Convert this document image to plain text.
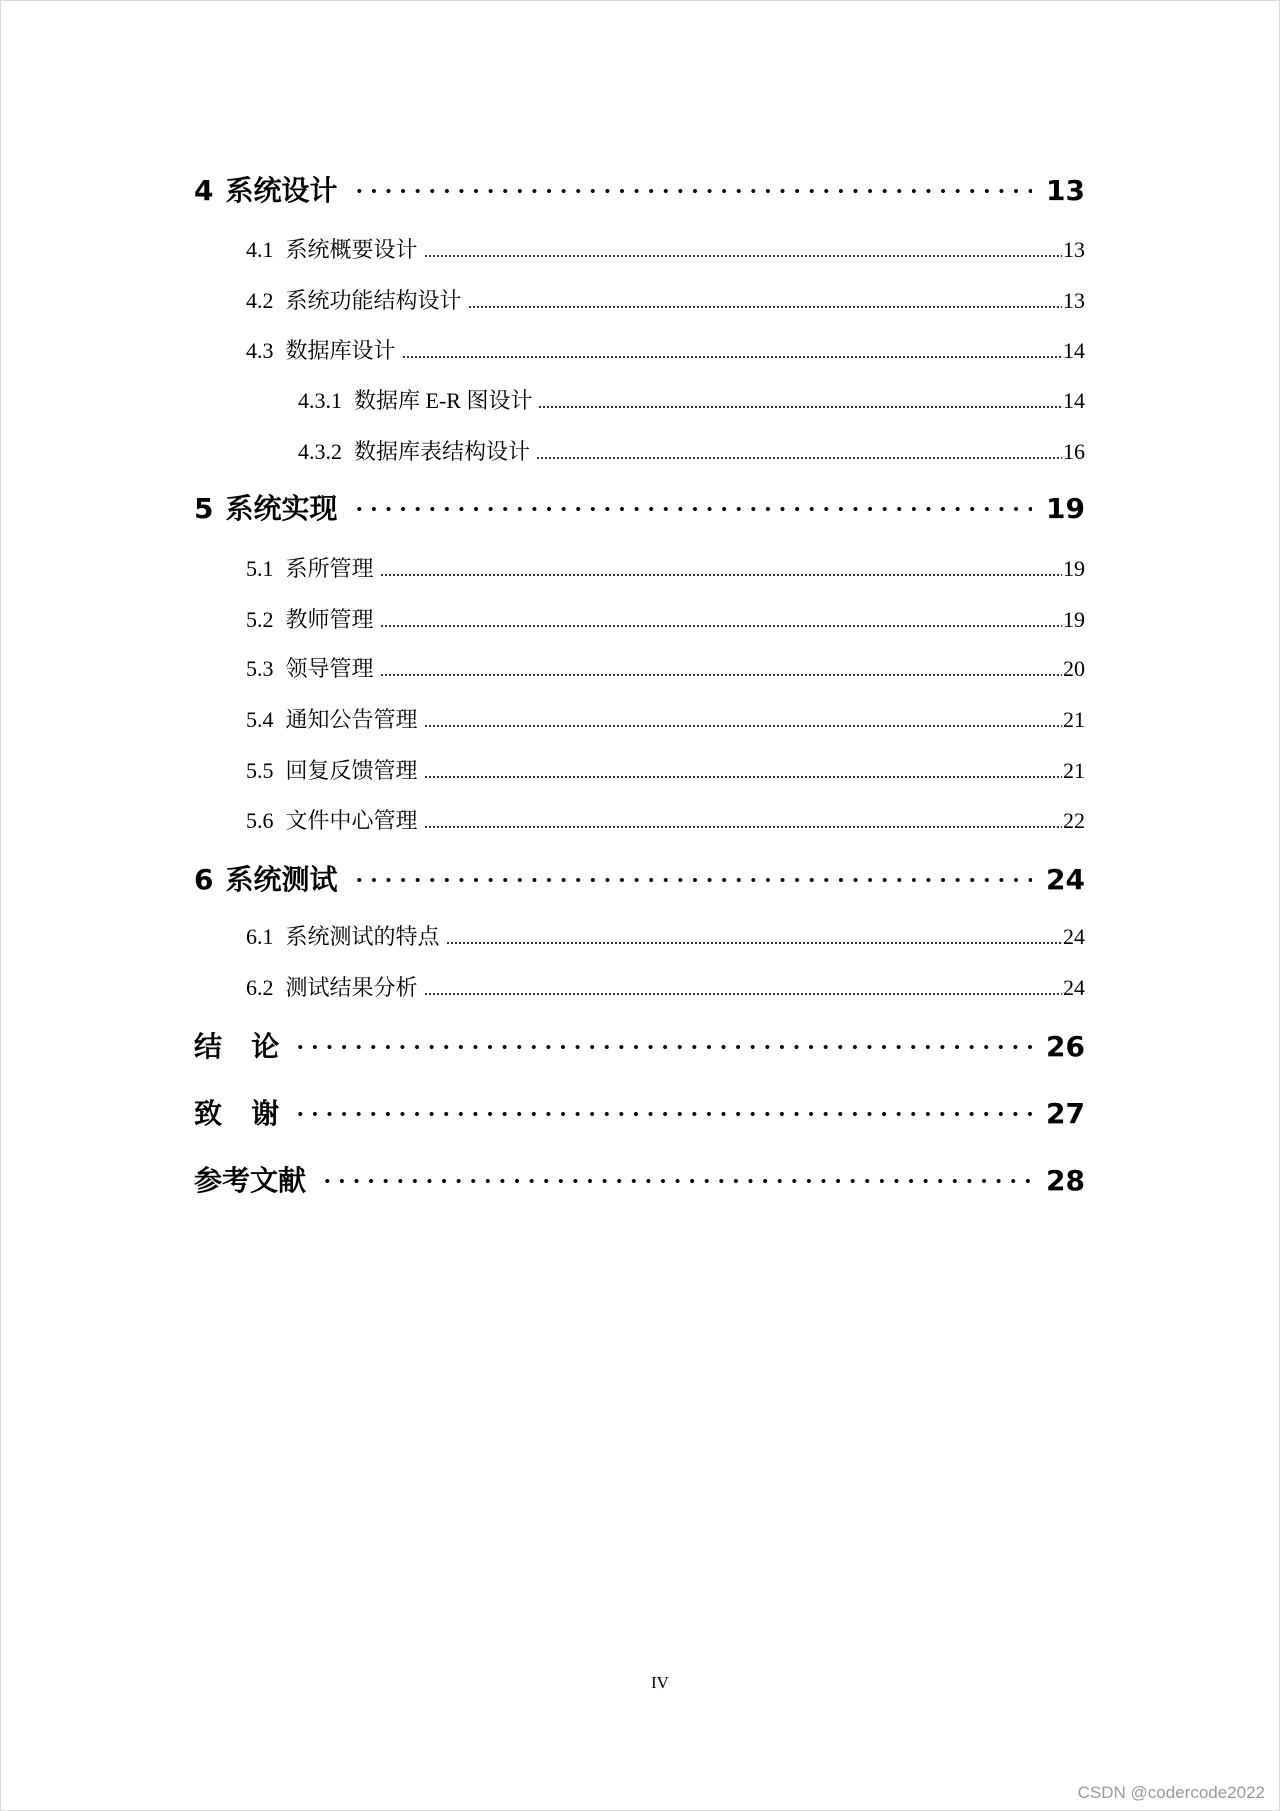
4 系统设计	13
4.1 系统概要设计	13
4.2 系统功能结构设计	13
4.3 数据库设计	14
4.3.1 数据库 E-R 图设计	14
4.3.2 数据库表结构设计	16
5 系统实现	19
5.1 系所管理	19
5.2 教师管理	19
5.3 领导管理	20
5.4 通知公告管理	21
5.5 回复反馈管理	21
5.6 文件中心管理	22
6 系统测试	24
6.1 系统测试的特点	24
6.2 测试结果分析	24
结   论	26
致   谢	27
参考文献	28
IV
CSDN @codercode2022
